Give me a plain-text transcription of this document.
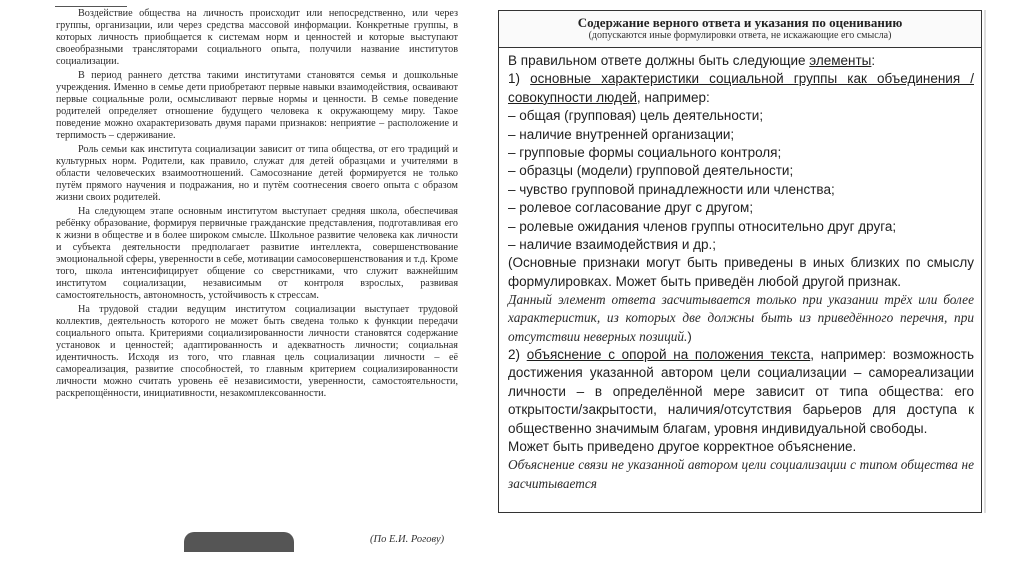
Воздействие общества на личность происходит или непосредственно, или через группы, организации, или через средства массовой информации. Конкретные группы, в которых личность приобщается к системам норм и ценностей и которые выступают своеобразными трансляторами социального опыта, получили название институтов социализации.

В период раннего детства такими институтами становятся семья и дошкольные учреждения. Именно в семье дети приобретают первые навыки взаимодействия, осваивают первые социальные роли, осмысливают первые нормы и ценности. В семье поведение родителей определяет отношение будущего человека к окружающему миру. Такое поведение можно охарактеризовать двумя парами признаков: неприятие – расположение и терпимость – сдерживание.

Роль семьи как института социализации зависит от типа общества, от его традиций и культурных норм. Родители, как правило, служат для детей образцами и учителями в области человеческих взаимоотношений. Самосознание детей формируется не только путём прямого научения и подражания, но и путём соотнесения своего опыта с образом жизни своих родителей.

На следующем этапе основным институтом выступает средняя школа, обеспечивая ребёнку образование, формируя первичные гражданские представления, подготавливая его к жизни в обществе и в более широком смысле. Школьное развитие человека как личности и субъекта деятельности предполагает развитие интеллекта, совершенствование эмоциональной сферы, уверенности в себе, мотивации самосовершенствования и т.д. Кроме того, школа интенсифицирует общение со сверстниками, что служит важнейшим институтом социализации, независимым от контроля взрослых, развивая самостоятельность, автономность, устойчивость к стрессам.

На трудовой стадии ведущим институтом социализации выступает трудовой коллектив, деятельность которого не может быть сведена только к функции передачи социального опыта. Критериями социализированности личности становятся содержание установок и ценностей; адаптированность и адекватность личности; социальная идентичность. Исходя из того, что главная цель социализации личности – её самореализация, развитие способностей, то главным критерием социализированности личности можно считать уровень её независимости, уверенности, самостоятельности, раскрепощённости, инициативности, незакомплексованности.

(По Е.И. Рогову)
Содержание верного ответа и указания по оцениванию
(допускаются иные формулировки ответа, не искажающие его смысла)
В правильном ответе должны быть следующие элементы:
1) основные характеристики социальной группы как объединения / совокупности людей, например:
– общая (групповая) цель деятельности;
– наличие внутренней организации;
– групповые формы социального контроля;
– образцы (модели) групповой деятельности;
– чувство групповой принадлежности или членства;
– ролевое согласование друг с другом;
– ролевые ожидания членов группы относительно друг друга;
– наличие взаимодействия и др.;
(Основные признаки могут быть приведены в иных близких по смыслу формулировках. Может быть приведён любой другой признак.
Данный элемент ответа засчитывается только при указании трёх или более характеристик, из которых две должны быть из приведённого перечня, при отсутствии неверных позиций.)
2) объяснение с опорой на положения текста, например: возможность достижения указанной автором цели социализации – самореализации личности – в определённой мере зависит от типа общества: его открытости/закрытости, наличия/отсутствия барьеров для доступа к общественно значимым благам, уровня индивидуальной свободы.
Может быть приведено другое корректное объяснение.
Объяснение связи не указанной автором цели социализации с типом общества не засчитывается
